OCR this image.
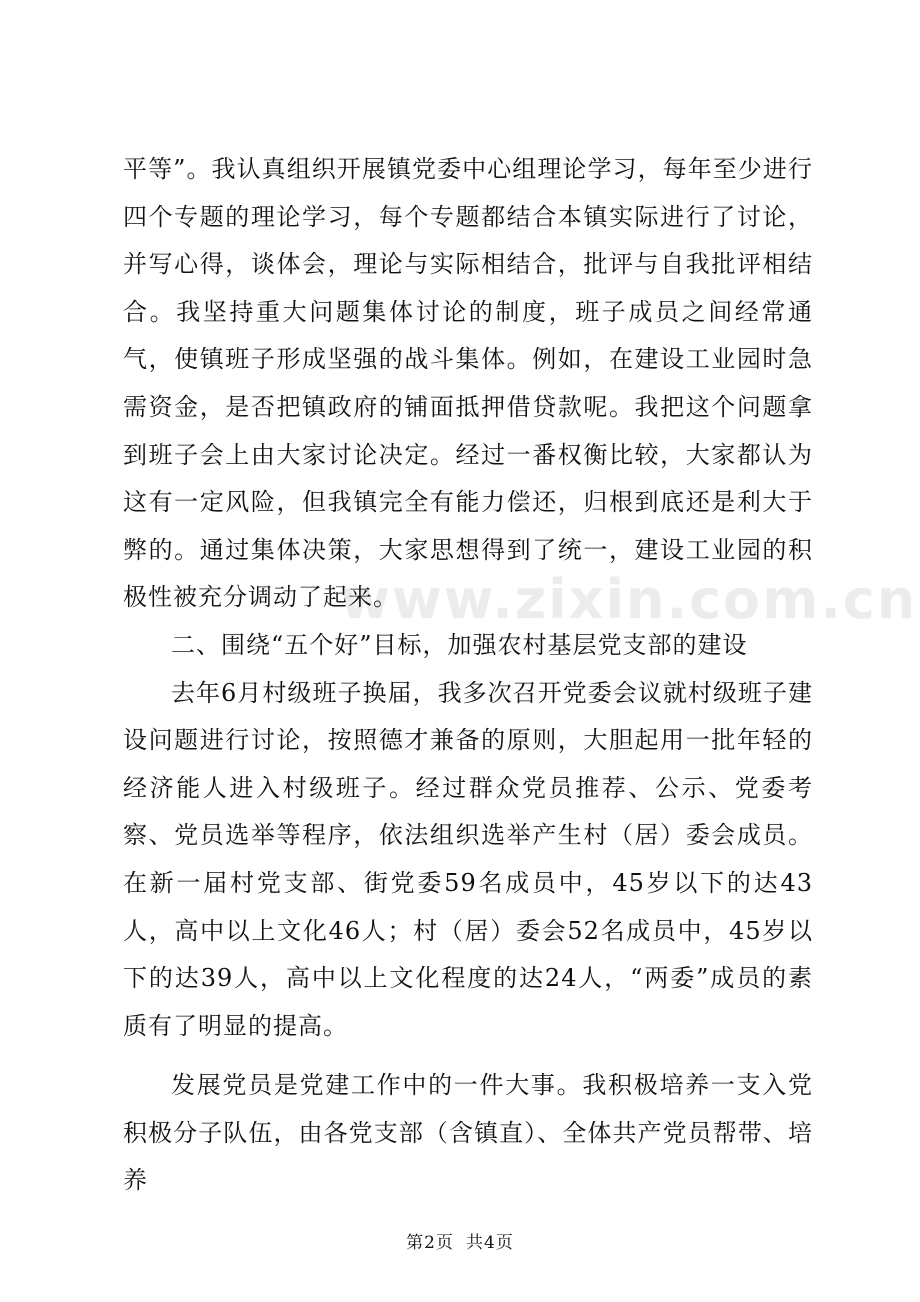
平等”。我认真组织开展镇党委中心组理论学习，每年至少进行四个专题的理论学习，每个专题都结合本镇实际进行了讨论，并写心得，谈体会，理论与实际相结合，批评与自我批评相结合。我坚持重大问题集体讨论的制度，班子成员之间经常通气，使镇班子形成坚强的战斗集体。例如，在建设工业园时急需资金，是否把镇政府的铺面抵押借贷款呢。我把这个问题拿到班子会上由大家讨论决定。经过一番权衡比较，大家都认为这有一定风险，但我镇完全有能力偿还，归根到底还是利大于弊的。通过集体决策，大家思想得到了统一，建设工业园的积极性被充分调动了起来。

二、围绕“五个好”目标，加强农村基层党支部的建设

去年6月村级班子换届，我多次召开党委会议就村级班子建设问题进行讨论，按照德才兼备的原则，大胆起用一批年轻的经济能人进入村级班子。经过群众党员推荐、公示、党委考察、党员选举等程序，依法组织选举产生村（居）委会成员。在新一届村党支部、街党委59名成员中，45岁以下的达43人，高中以上文化46人；村（居）委会52名成员中，45岁以下的达39人，高中以上文化程度的达24人，“两委”成员的素质有了明显的提高。

发展党员是党建工作中的一件大事。我积极培养一支入党积极分子队伍，由各党支部（含镇直）、全体共产党员帮带、培养

www.zixin.com.cn
第2页 共4页
